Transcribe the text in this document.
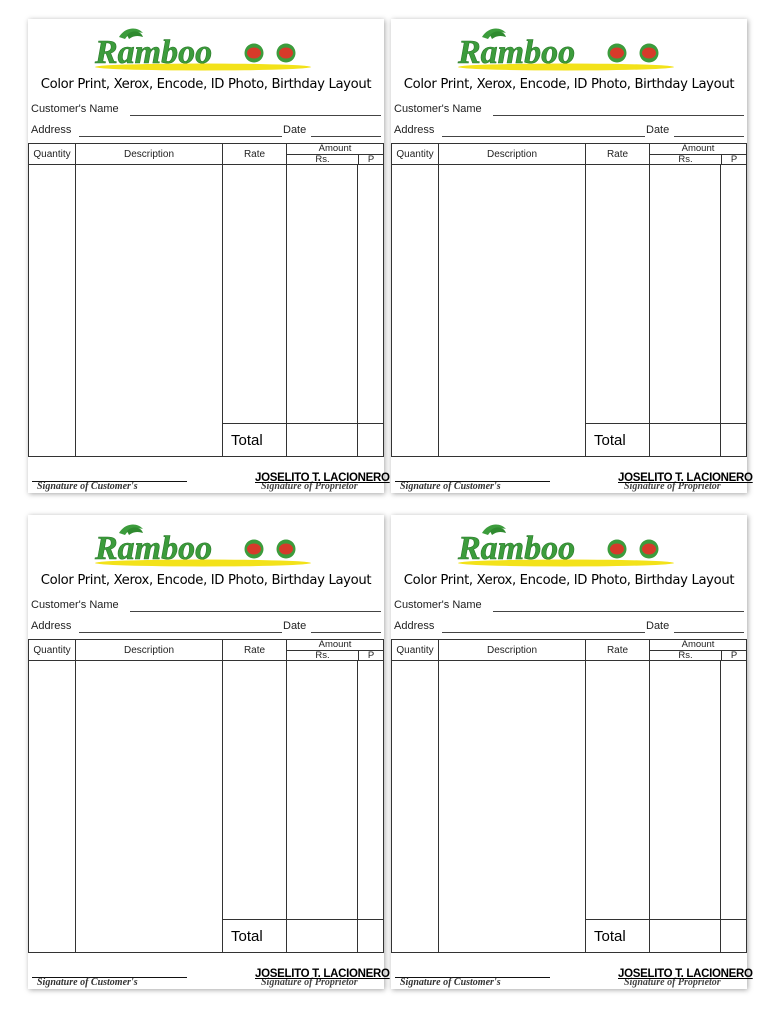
Ramboo
Color Print, Xerox, Encode, ID Photo, Birthday Layout
Customer's Name
Address	Date
Quantity	Description	Rate	Amount
Rs. P	

		Total		
Signature of Customer's	Signature of Proprietor
JOSELITO T. LACIONERO
Ramboo
Color Print, Xerox, Encode, ID Photo, Birthday Layout
Customer's Name
Address	Date
Quantity	Description	Rate	Amount
Rs. P	

		Total		
Signature of Customer's	Signature of Proprietor
JOSELITO T. LACIONERO
Ramboo
Color Print, Xerox, Encode, ID Photo, Birthday Layout
Customer's Name
Address	Date
Quantity	Description	Rate	Amount
Rs. P	

		Total		
Signature of Customer's	Signature of Proprietor
JOSELITO T. LACIONERO
Ramboo
Color Print, Xerox, Encode, ID Photo, Birthday Layout
Customer's Name
Address	Date
Quantity	Description	Rate	Amount
Rs. P	

		Total		
Signature of Customer's	Signature of Proprietor
JOSELITO T. LACIONERO
